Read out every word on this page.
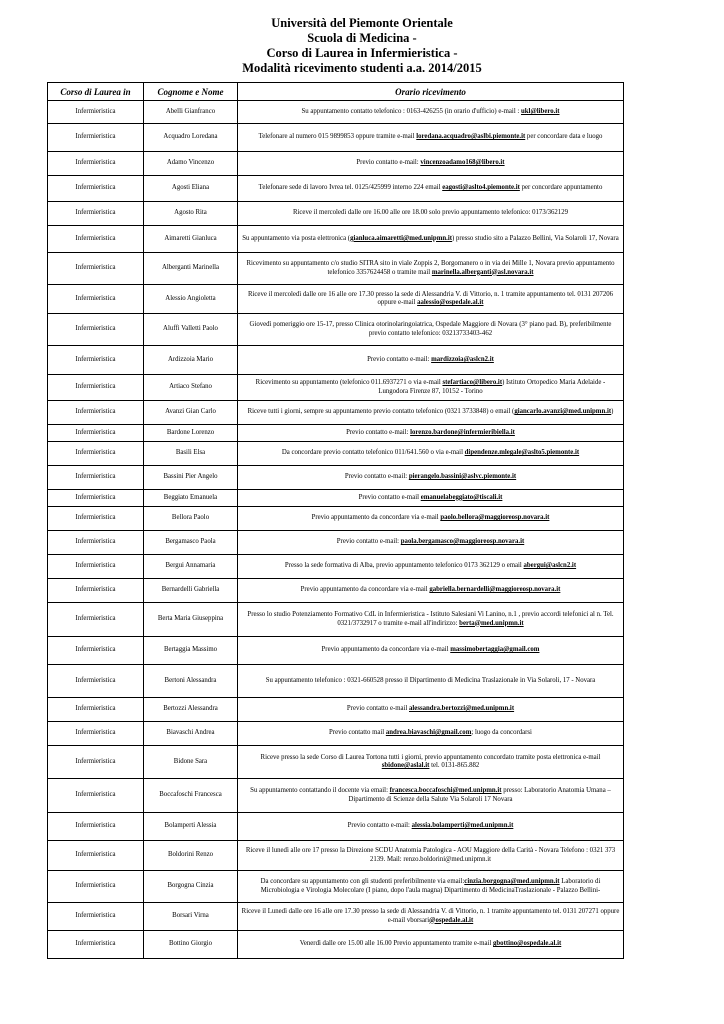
Università del Piemonte Orientale
Scuola di Medicina -
Corso di Laurea in Infermieristica -
Modalità ricevimento studenti a.a. 2014/2015
Corso di Laurea in	Cognome e Nome	Orario ricevimento
Infermieristica	Abelli Gianfranco	Su appuntamento contatto telefonico : 0163-426255 (in orario d'ufficio) e-mail : ukl@libero.it
Infermieristica	Acquadro Loredana	Telefonare al numero 015 9899853 oppure tramite e-mail loredana.acquadro@aslbi.piemonte.it per concordare data e luogo
Infermieristica	Adamo Vincenzo	Previo contatto e-mail: vincenzoadamo168@libero.it
Infermieristica	Agosti Eliana	Telefonare sede di lavoro Ivrea tel. 0125/425999 interno 224 email eagosti@aslto4.piemonte.it per concordare appuntamento
Infermieristica	Agosto Rita	Riceve il mercoledì dalle ore 16.00 alle ore 18.00 solo previo appuntamento telefonico: 0173/362129
Infermieristica	Aimaretti Gianluca	Su appuntamento via posta elettronica (gianluca.aimaretti@med.unipmn.it) presso studio sito a Palazzo Bellini, Via Solaroli 17, Novara
Infermieristica	Alberganti Marinella	Ricevimento su appuntamento c/o studio SITRA sito in viale Zoppis 2, Borgomanero o in via dei Mille 1, Novara previo appuntamento telefonico 3357624458 o tramite mail marinella.alberganti@asl.novara.it
Infermieristica	Alessio Angioletta	Riceve il mercoledì dalle ore 16 alle ore 17.30 presso la sede di Alessandria V. di Vittorio, n. 1 tramite appuntamento tel. 0131 207206 oppure e-mail aalessio@ospedale.al.it
Infermieristica	Aluffi Valletti Paolo	Giovedì pomeriggio ore 15-17, presso Clinica otorinolaringoiatrica, Ospedale Maggiore di Novara (3° piano pad. B), preferibilmente previo contatto telefonico: 03213733403-462
Infermieristica	Ardizzoia Mario	Previo contatto e-mail: mardizzoia@aslcn2.it
Infermieristica	Artiaco Stefano	Ricevimento su appuntamento (telefonico 011.6937271 o via e-mail stefartiaco@libero.it) Istituto Ortopedico Maria Adelaide - Lungodora Firenze 87, 10152 - Torino
Infermieristica	Avanzi Gian Carlo	Riceve tutti i giorni, sempre su appuntamento previo contatto telefonico (0321 3733848) o email (giancarlo.avanzi@med.unipmn.it)
Infermieristica	Bardone Lorenzo	Previo contatto e-mail: lorenzo.bardone@infermieribiella.it
Infermieristica	Basili Elsa	Da concordare previo contatto telefonico 011/641.560 o via e-mail dipendenze.mlegale@aslto5.piemonte.it
Infermieristica	Bassini Pier Angelo	Previo contatto e-mail: pierangelo.bassini@aslvc.piemonte.it
Infermieristica	Beggiato Emanuela	Previo contatto e-mail emanuelabeggiato@tiscali.it
Infermieristica	Bellora Paolo	Previo appuntamento da concordare via e-mail paolo.bellora@maggioreosp.novara.it
Infermieristica	Bergamasco Paola	Previo contatto e-mail: paola.bergamasco@maggioreosp.novara.it
Infermieristica	Bergui Annamaria	Presso la sede formativa di Alba, previo appuntamento telefonico 0173 362129 o email abergui@aslcn2.it
Infermieristica	Bernardelli Gabriella	Previo appuntamento da concordare via e-mail gabriella.bernardelli@maggioreosp.novara.it
Infermieristica	Berta Maria Giuseppina	Presso lo studio Potenziamento Formativo CdL in Infermieristica - Istituto Salesiani Vi Lanino, n.1 , previo accordi telefonici al n. Tel. 0321/3732917 o tramite e-mail all'indirizzo: berta@med.unipmn.it
Infermieristica	Bertaggia Massimo	Previo appuntamento da concordare via e-mail massimobertaggia@gmail.com
Infermieristica	Bertoni Alessandra	Su appuntamento telefonico : 0321-660528 presso il Dipartimento di Medicina Traslazionale in Via Solaroli, 17 - Novara
Infermieristica	Bertozzi Alessandra	Previo contatto e-mail alessandra.bertozzi@med.unipmn.it
Infermieristica	Biavaschi Andrea	Previo contatto mail andrea.biavaschi@gmail.com; luogo da concordarsi
Infermieristica	Bidone Sara	Riceve presso la sede Corso di Laurea Tortona tutti i giorni, previo appuntamento concordato tramite posta elettronica e-mail sbidone@aslal.it tel. 0131-865.882
Infermieristica	Boccafoschi Francesca	Su appuntamento contattando il docente via email: francesca.boccafoschi@med.unipmn.it presso: Laboratorio Anatomia Umana – Dipartimento di Scienze della Salute Via Solaroli 17 Novara
Infermieristica	Bolamperti Alessia	Previo contatto e-mail: alessia.bolamperti@med.unipmn.it
Infermieristica	Boldorini Renzo	Riceve il lunedì alle ore 17 presso la Direzione SCDU Anatomia Patologica - AOU Maggiore della Carità - Novara Telefono : 0321 373 2139. Mail: renzo.boldorini@med.unipmn.it
Infermieristica	Borgogna Cinzia	Da concordare su appuntamento con gli studenti preferibilmente via email:cinzia.borgogna@med.unipmn.it Laboratorio di Microbiologia e Virologia Molecolare (I piano, dopo l'aula magna) Dipartimento di MedicinaTraslazionale - Palazzo Bellini-
Infermieristica	Borsari Virna	Riceve il Lunedì dalle ore 16 alle ore 17.30 presso la sede di Alessandria V. di Vittorio, n. 1 tramite appuntamento tel. 0131 207271 oppure e-mail vborsari@ospedale.al.it
Infermieristica	Bottino Giorgio	Venerdì dalle ore 15.00 alle 16.00 Previo appuntamento tramite e-mail gbottino@ospedale.al.it
